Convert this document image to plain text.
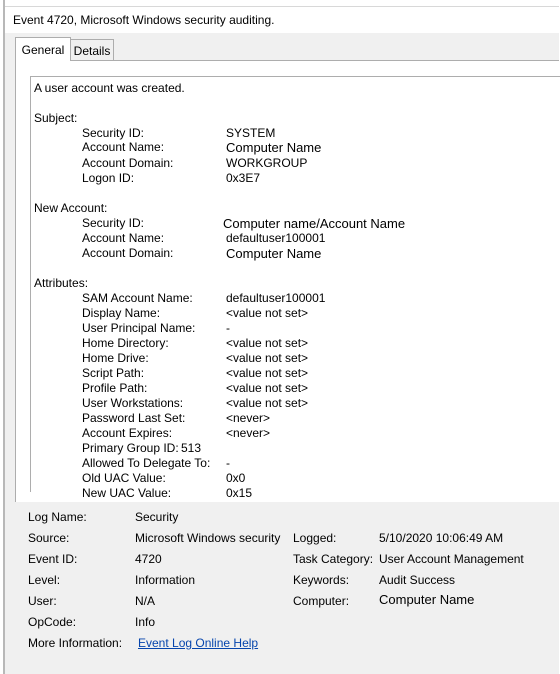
Event 4720, Microsoft Windows security auditing.
General Details
A user account was created.
Subject:
Security ID:	SYSTEM
Account Name:	Computer Name
Account Domain:	WORKGROUP
Logon ID:	0x3E7
New Account:
Security ID:	Computer name/Account Name
Account Name:	defaultuser100001
Account Domain:	Computer Name
Attributes:
SAM Account Name:	defaultuser100001
Display Name:	<value not set>
User Principal Name:	-
Home Directory:	<value not set>
Home Drive:	<value not set>
Script Path:	<value not set>
Profile Path:	<value not set>
User Workstations:	<value not set>
Password Last Set:	<never>
Account Expires:	<never>
Primary Group ID: 513
Allowed To Delegate To: -
Old UAC Value:	0x0
New UAC Value:	0x15
Log Name:	Security
Source:	Microsoft Windows security Logged:	5/10/2020 10:06:49 AM
Event ID:	4720	Task Category: User Account Management
Level:	Information	Keywords: Audit Success
User:	N/A	Computer: Computer Name
OpCode:	Info
More Information: Event Log Online Help
